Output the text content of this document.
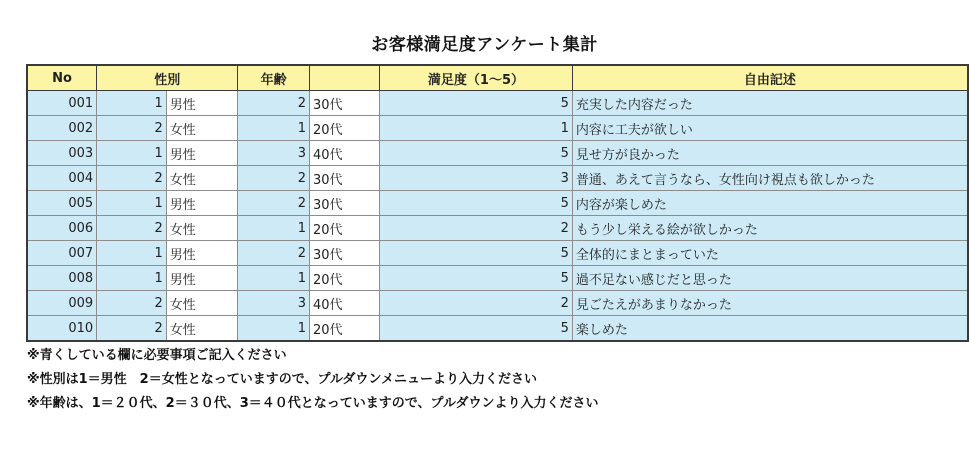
お客様満足度アンケート集計
No	性別		年齢		満足度（1～5）	自由記述
001	1	男性	2	30代	5	充実した内容だった
002	2	女性	1	20代	1	内容に工夫が欲しい
003	1	男性	3	40代	5	見せ方が良かった
004	2	女性	2	30代	3	普通、あえて言うなら、女性向け視点も欲しかった
005	1	男性	2	30代	5	内容が楽しめた
006	2	女性	1	20代	2	もう少し栄える絵が欲しかった
007	1	男性	2	30代	5	全体的にまとまっていた
008	1	男性	1	20代	5	過不足ない感じだと思った
009	2	女性	3	40代	2	見ごたえがあまりなかった
010	2	女性	1	20代	5	楽しめた
※青くしている欄に必要事項ご記入ください
※性別は1＝男性　2＝女性となっていますので、プルダウンメニューより入力ください
※年齢は、1＝２０代、2＝３０代、3＝４０代となっていますので、プルダウンより入力ください
